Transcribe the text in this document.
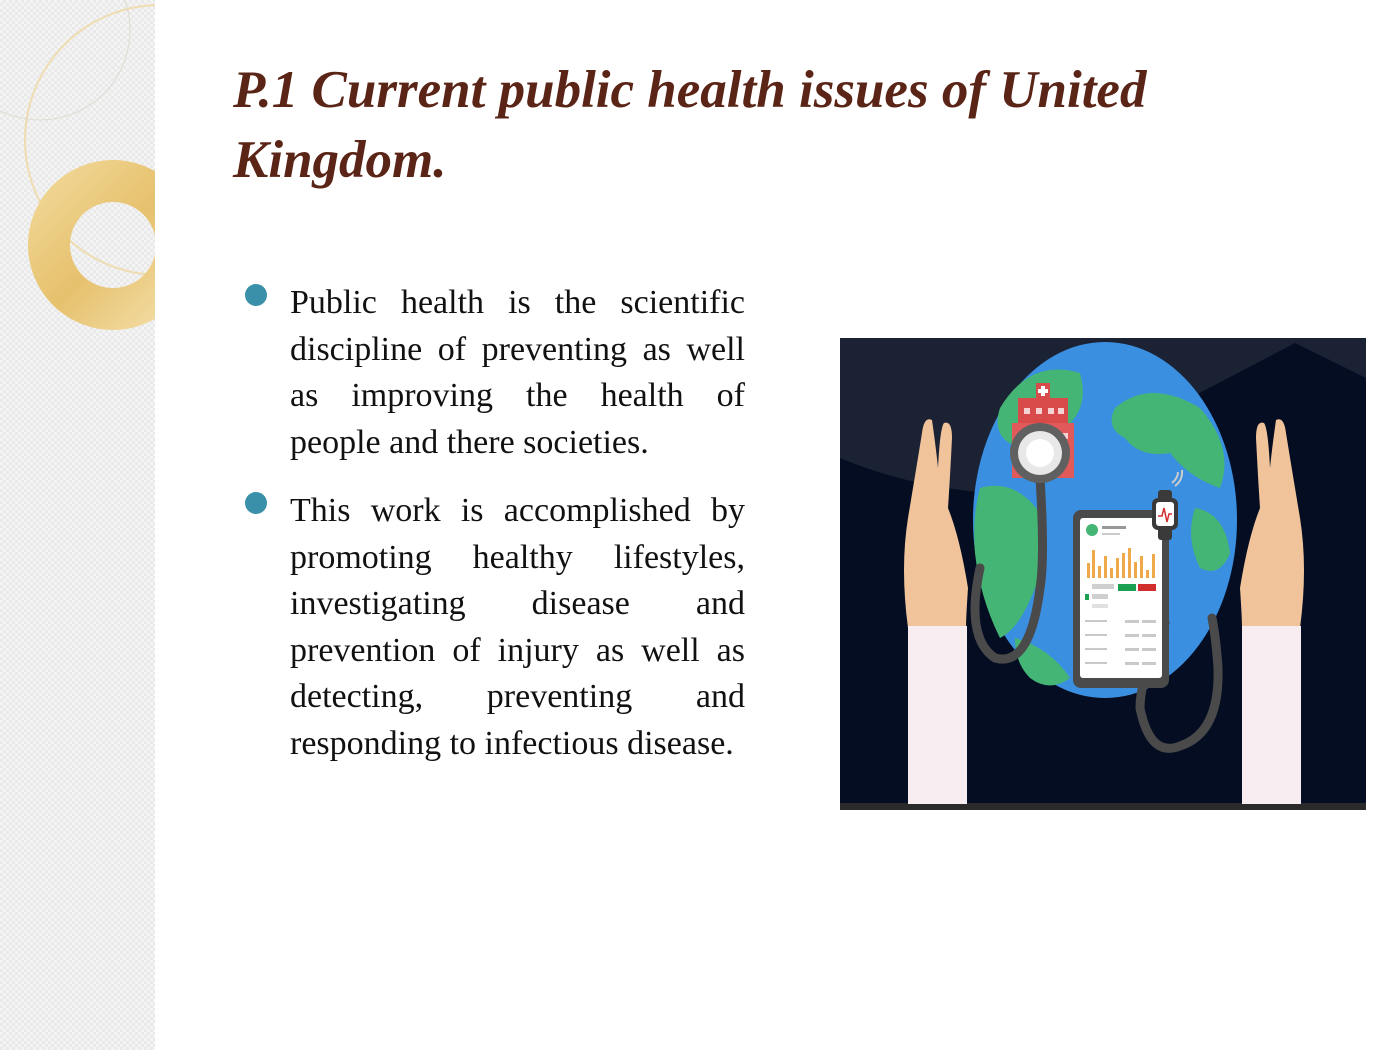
P.1 Current public health issues of United Kingdom.
Public health is the scientific discipline of preventing as well as improving the health of people and there societies.
This work is accomplished by promoting healthy lifestyles, investigating disease and prevention of injury as well as detecting, preventing and responding to infectious disease.
